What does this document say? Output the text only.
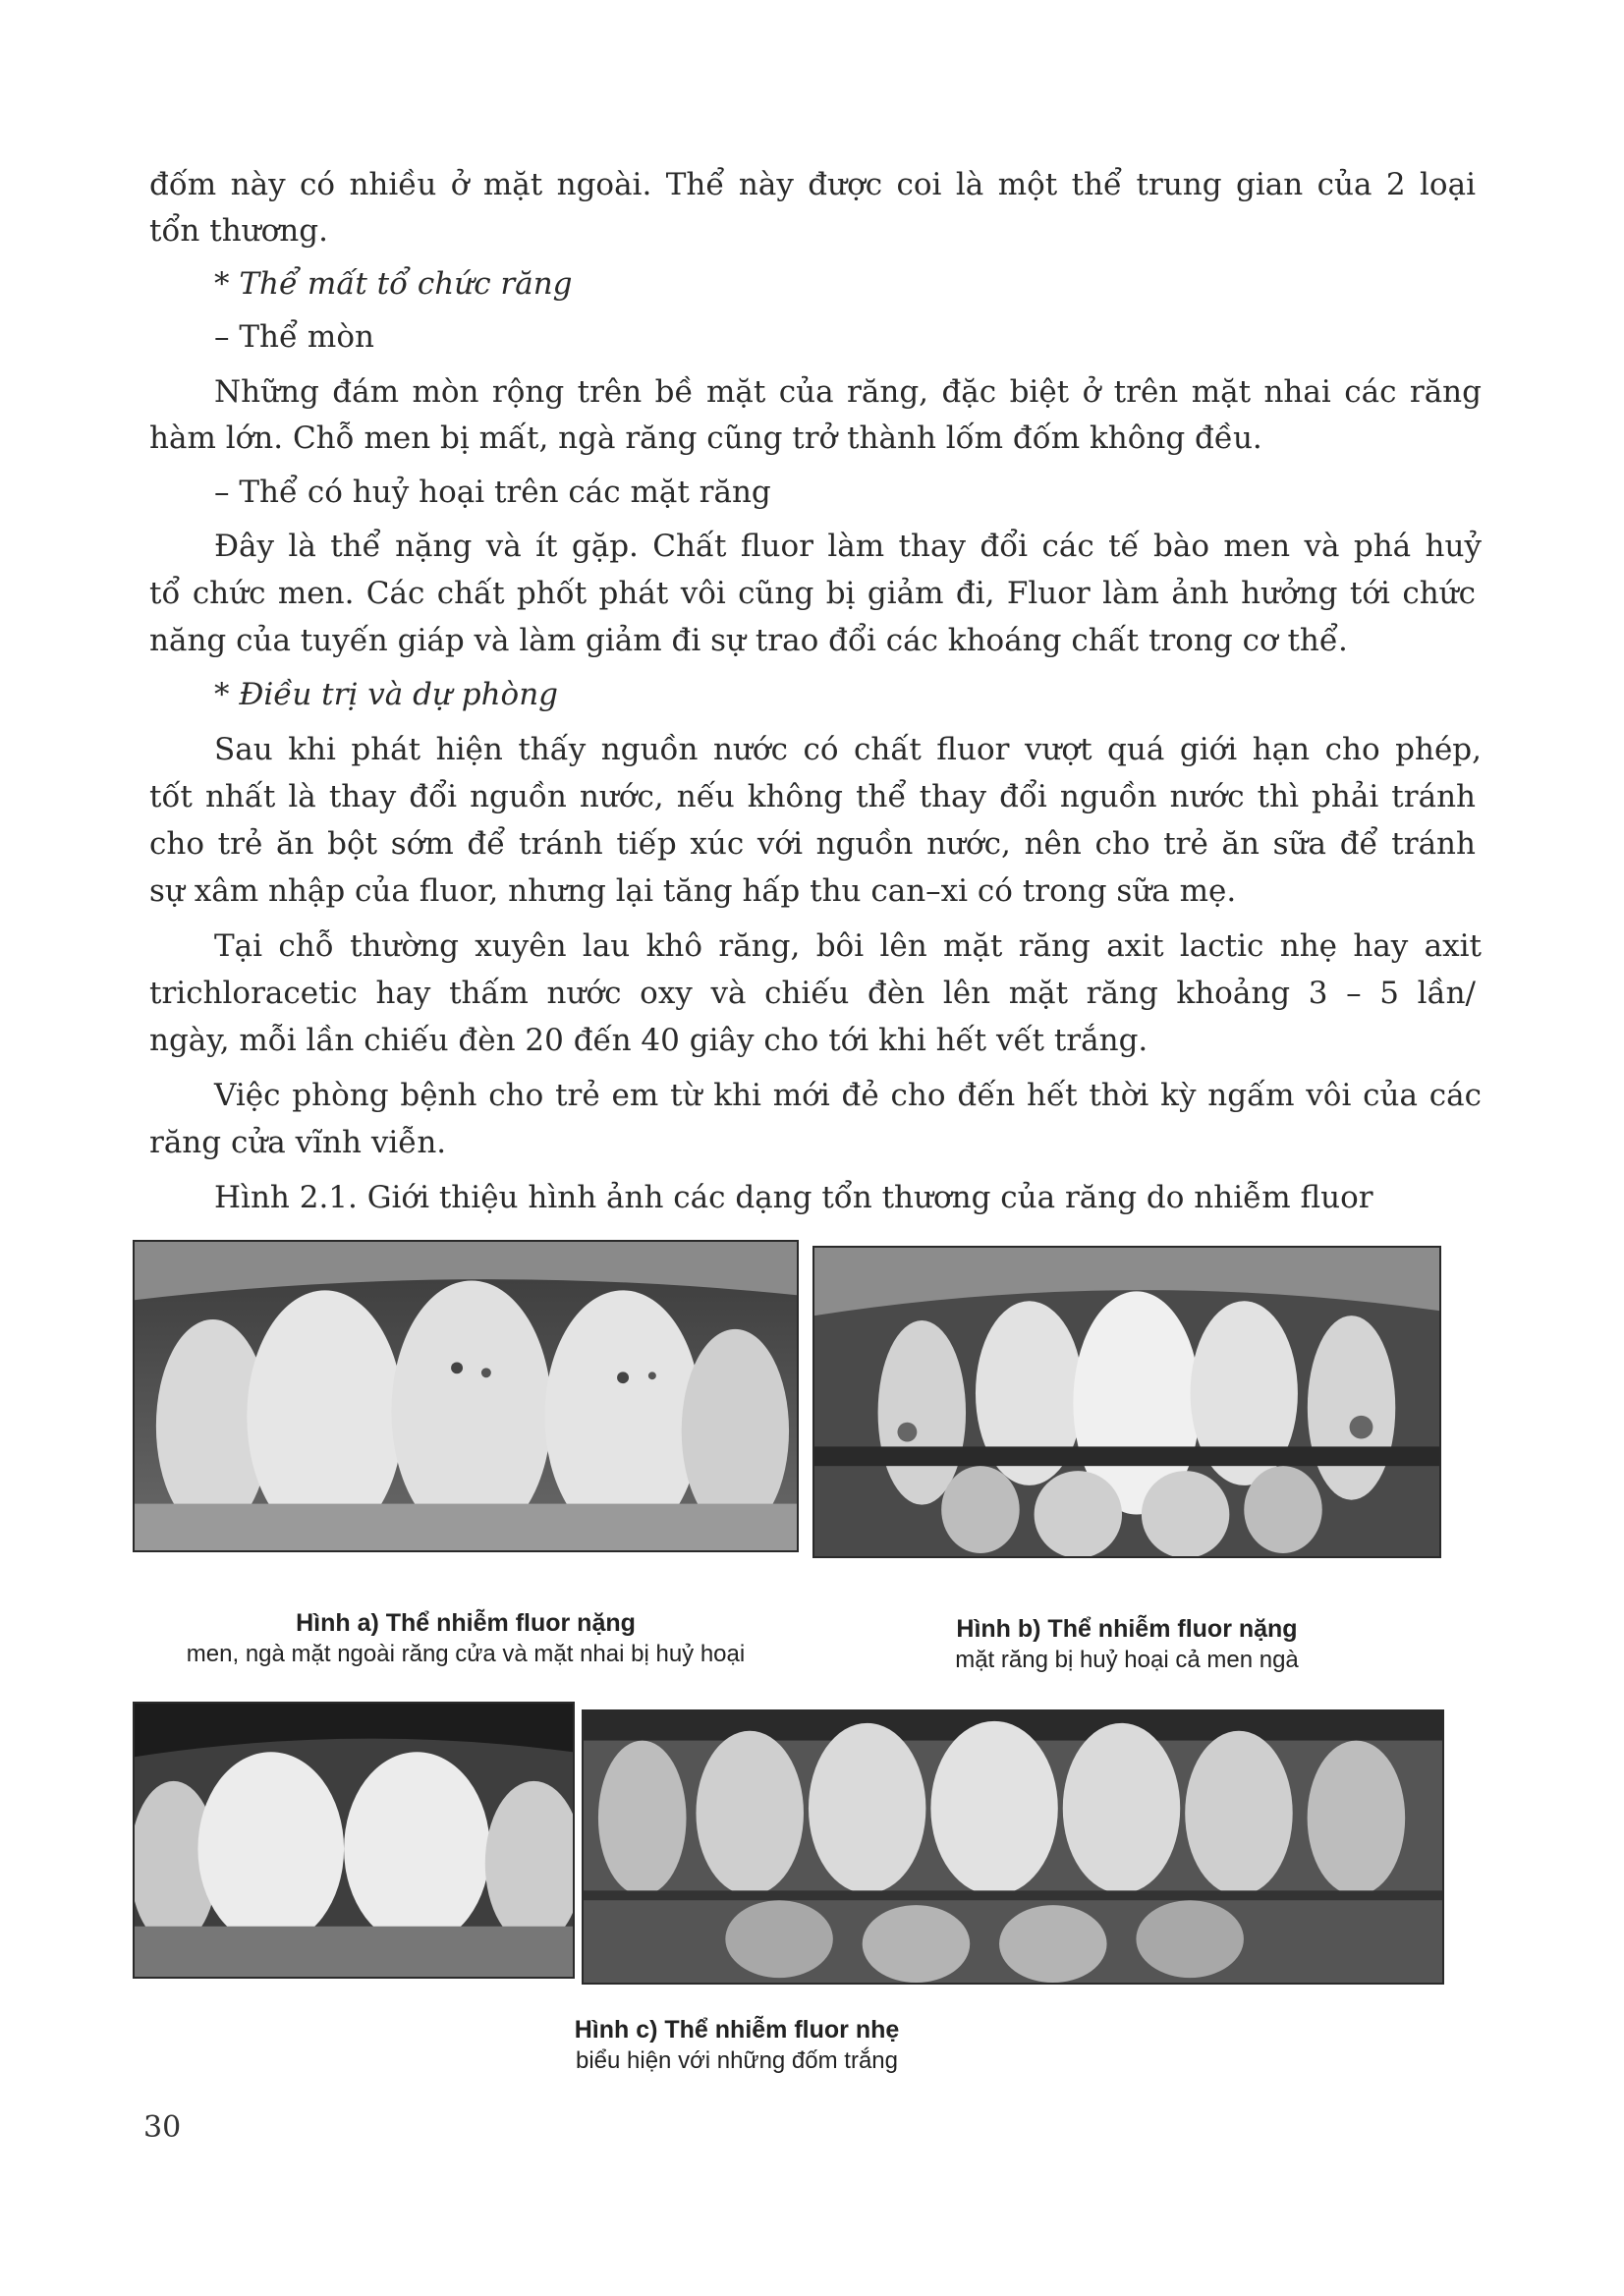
đốm này có nhiều ở mặt ngoài. Thể này được coi là một thể trung gian của 2 loại
tổn thương.
* Thể mất tổ chức răng
– Thể mòn
Những đám mòn rộng trên bề mặt của răng, đặc biệt ở trên mặt nhai các răng
hàm lớn. Chỗ men bị mất, ngà răng cũng trở thành lốm đốm không đều.
– Thể có huỷ hoại trên các mặt răng
Đây là thể nặng và ít gặp. Chất fluor làm thay đổi các tế bào men và phá huỷ
tổ chức men. Các chất phốt phát vôi cũng bị giảm đi, Fluor làm ảnh hưởng tới chức
năng của tuyến giáp và làm giảm đi sự trao đổi các khoáng chất trong cơ thể.
* Điều trị và dự phòng
Sau khi phát hiện thấy nguồn nước có chất fluor vượt quá giới hạn cho phép,
tốt nhất là thay đổi nguồn nước, nếu không thể thay đổi nguồn nước thì phải tránh
cho trẻ ăn bột sớm để tránh tiếp xúc với nguồn nước, nên cho trẻ ăn sữa để tránh
sự xâm nhập của fluor, nhưng lại tăng hấp thu can–xi có trong sữa mẹ.
Tại chỗ thường xuyên lau khô răng, bôi lên mặt răng axit lactic nhẹ hay axit
trichloracetic hay thấm nước oxy và chiếu đèn lên mặt răng khoảng 3 – 5 lần/
ngày, mỗi lần chiếu đèn 20 đến 40 giây cho tới khi hết vết trắng.
Việc phòng bệnh cho trẻ em từ khi mới đẻ cho đến hết thời kỳ ngấm vôi của các
răng cửa vĩnh viễn.
Hình 2.1. Giới thiệu hình ảnh các dạng tổn thương của răng do nhiễm fluor
Hình a) Thể nhiễm fluor nặng
men, ngà mặt ngoài răng cửa và mặt nhai bị huỷ hoại
Hình b) Thể nhiễm fluor nặng
mặt răng bị huỷ hoại cả men ngà
Hình c) Thể nhiễm fluor nhẹ
biểu hiện với những đốm trắng
30
